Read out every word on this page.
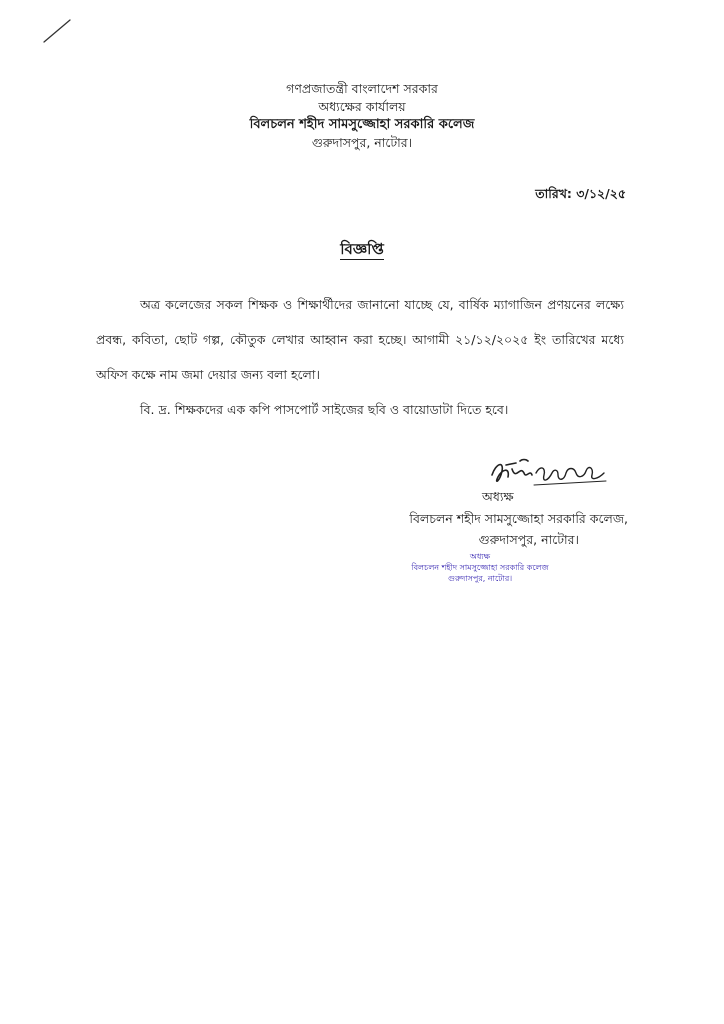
গণপ্রজাতন্ত্রী বাংলাদেশ সরকার
অধ্যক্ষের কার্যালয়
বিলচলন শহীদ সামসুজ্জোহা সরকারি কলেজ
গুরুদাসপুর, নাটোর।
তারিখ: ৩/১২/২৫
বিজ্ঞপ্তি

অত্র কলেজের সকল শিক্ষক ও শিক্ষার্থীদের জানানো যাচ্ছে যে, বার্ষিক ম্যাগাজিন প্রণয়নের লক্ষ্যে প্রবন্ধ, কবিতা, ছোট গল্প, কৌতুক লেখার আহ্বান করা হচ্ছে। আগামী ২১/১২/২০২৫ ইং তারিখের মধ্যে অফিস কক্ষে নাম জমা দেয়ার জন্য বলা হলো।

বি. দ্র. শিক্ষকদের এক কপি পাসপোর্ট সাইজের ছবি ও বায়োডাটা দিতে হবে।

অধ্যক্ষ
বিলচলন শহীদ সামসুজ্জোহা সরকারি কলেজ,
গুরুদাসপুর, নাটোর।
অধ্যক্ষ
বিলচলন শহীদ সামসুজ্জোহা সরকারি কলেজ
গুরুদাসপুর, নাটোর।
